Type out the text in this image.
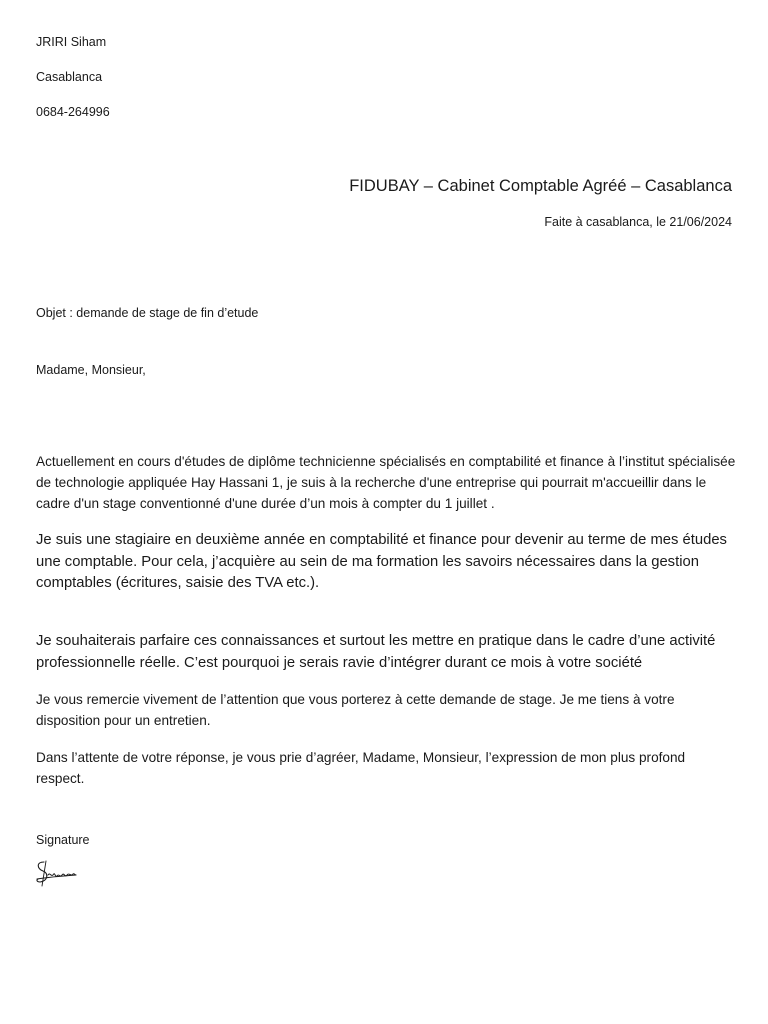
JRIRI Siham
Casablanca
0684-264996
FIDUBAY – Cabinet Comptable Agréé – Casablanca
Faite à casablanca, le 21/06/2024
Objet : demande de stage de fin d’etude
Madame, Monsieur,
Actuellement en cours d'études de diplôme technicienne spécialisés en comptabilité et finance à l’institut spécialisée de technologie appliquée Hay Hassani 1, je suis à la recherche d'une entreprise qui pourrait m'accueillir dans le cadre d'un stage conventionné d'une durée d’un mois à compter du 1 juillet .
Je suis une stagiaire en deuxième année en comptabilité et finance pour devenir au terme de mes études une comptable. Pour cela, j’acquière au sein de ma formation les savoirs nécessaires dans la gestion comptables (écritures, saisie des TVA etc.).
Je souhaiterais parfaire ces connaissances et surtout les mettre en pratique dans le cadre d’une activité professionnelle réelle. C’est pourquoi je serais ravie d’intégrer durant ce mois à votre société
Je vous remercie vivement de l’attention que vous porterez à cette demande de stage. Je me tiens à votre disposition pour un entretien.
Dans l’attente de votre réponse, je vous prie d’agréer, Madame, Monsieur, l’expression de mon plus profond respect.
Signature
